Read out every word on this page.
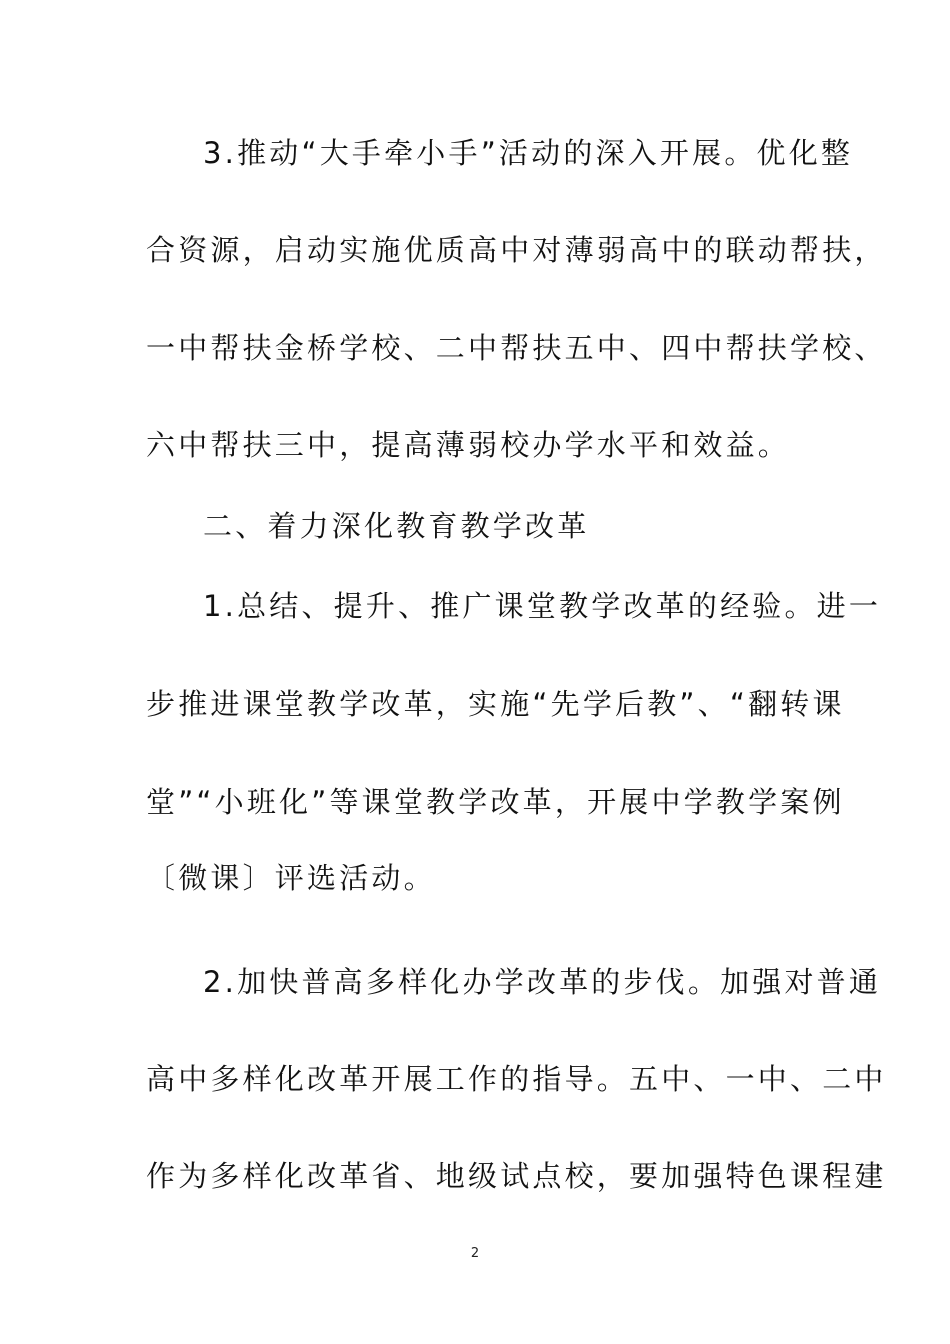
3.推动“大手牵小手”活动的深入开展。优化整
合资源，启动实施优质高中对薄弱高中的联动帮扶，
一中帮扶金桥学校、二中帮扶五中、四中帮扶学校、
六中帮扶三中，提高薄弱校办学水平和效益。
二、着力深化教育教学改革
1.总结、提升、推广课堂教学改革的经验。进一
步推进课堂教学改革，实施“先学后教”、“翻转课
堂”“小班化”等课堂教学改革，开展中学教学案例
〔微课〕评选活动。
2.加快普高多样化办学改革的步伐。加强对普通
高中多样化改革开展工作的指导。五中、一中、二中
作为多样化改革省、地级试点校，要加强特色课程建
2
